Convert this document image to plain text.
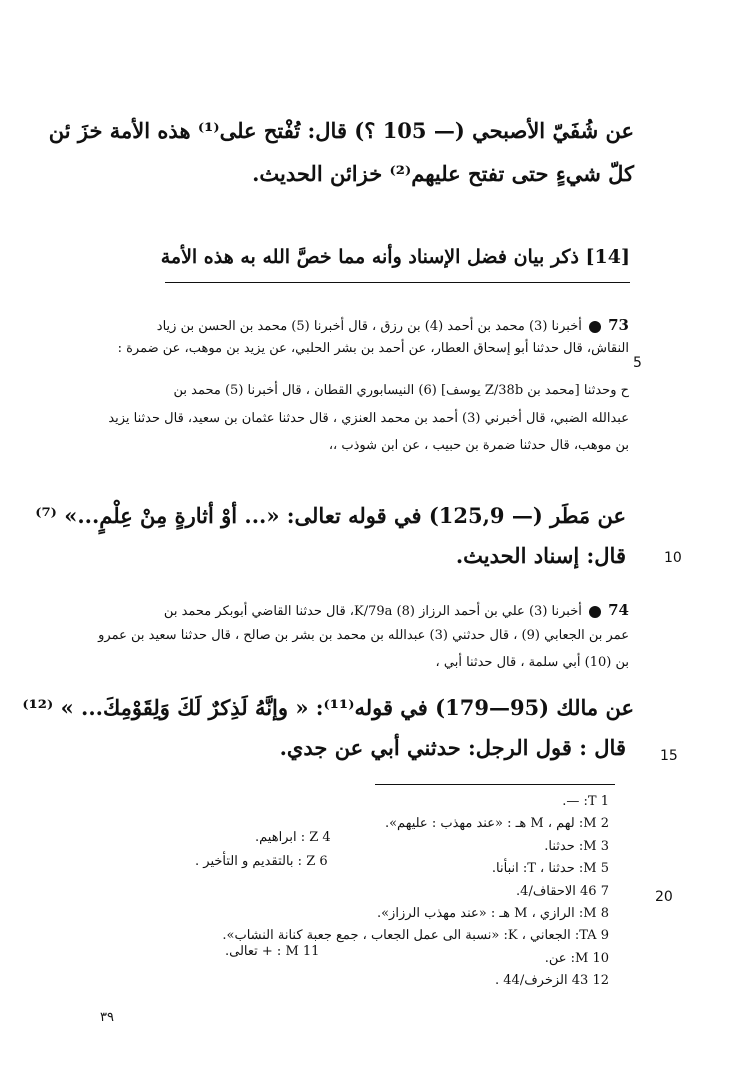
عن شُفَيّ الأصبحي (— 105 ؟) قال: تُفْتح على⁽¹⁾ هذه الأمة خزَ ئن
كلّ شيءٍ حتى تفتح عليهم⁽²⁾ خزائن الحديث.
[14] ذكر بيان فضل الإسناد وأنه مما خصَّ الله به هذه الأمة
73  أخبرنا (3) محمد بن أحمد (4) بن رزق ، قال أخبرنا (5) محمد بن الحسن بن زياد
النقاش، قال حدثنا أبو إسحاق العطار، عن أحمد بن بشر الحلبي، عن يزيد بن موهب، عن ضمرة :
ح وحدثنا [محمد بن Z/38b يوسف] (6) النيسابوري القطان ، قال أخبرنا (5) محمد بن
عبدالله الضبي، قال أخبرني (3) أحمد بن محمد العنزي ، قال حدثنا عثمان بن سعيد، قال حدثنا يزيد
بن موهب، قال حدثنا ضمرة بن حبيب ، عن ابن شوذب ،،
عن مَطَر (— 125,9) في قوله تعالى: «... أوْ أثارةٍ مِنْ عِلْمٍ...» ⁽⁷⁾
قال: إسناد الحديث.
74  أخبرنا (3) علي بن أحمد الرزاز (8) K/79a، قال حدثنا القاضي أبوبكر محمد بن
عمر بن الجعابي (9) ، قال حدثني (3) عبدالله بن محمد بن بشر بن صالح ، قال حدثنا سعيد بن عمرو
بن (10) أبي سلمة ، قال حدثنا أبي ،
عن مالك (95—179) في قوله⁽¹¹⁾: « وإنَّهُ لَذِكرٌ لَكَ وَلِقَوْمِكَ... » ⁽¹²⁾
قال : قول الرجل: حدثني أبي عن جدي.
5
10
15
20
1 T: —.
2 M: لهم ، M هـ : «عند مهذب : عليهم».
3 M: حدثنا.
5 M: حدثنا ، T: انبأنا.
7 46 الاحقاف/4.
8 M: الرازي ، M هـ : «عند مهذب الرزاز».
9 TA: الجعاني ، K: «نسبة الى عمل الجعاب ، جمع جعبة كنانة النشاب».
10 M: عن.
12 43 الزخرف/44 .
4 Z : ابراهيم.
6 Z : بالتقديم و التأخير .
11 M : + تعالى.
٣٩
